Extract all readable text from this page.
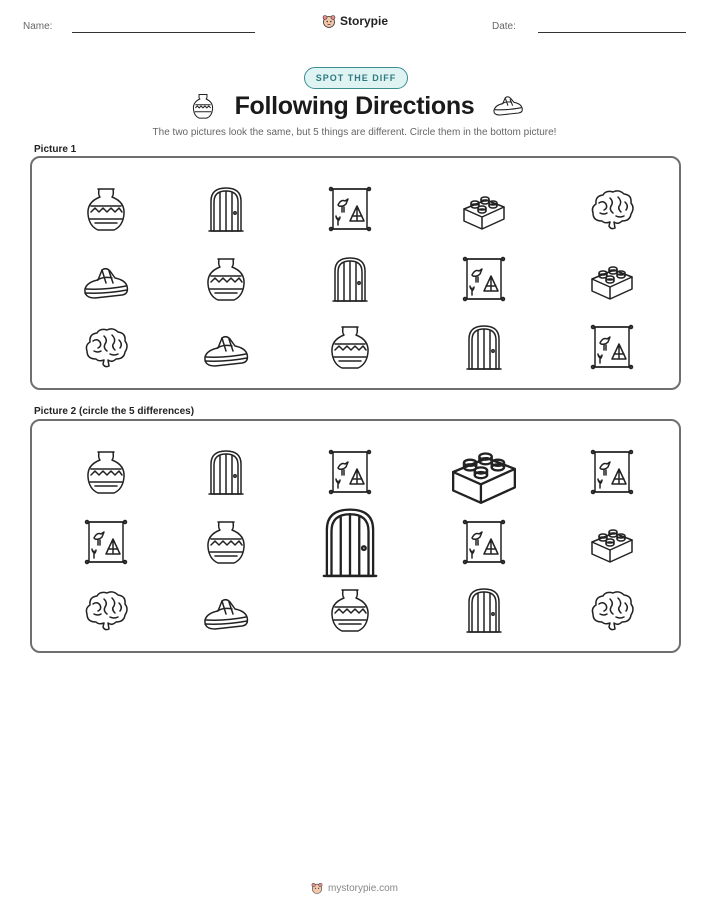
Name:	Storypie	Date:
SPOT THE DIFF
Following Directions
The two pictures look the same, but 5 things are different. Circle them in the bottom picture!
Picture 1
Picture 2 (circle the 5 differences)
mystorypie.com
